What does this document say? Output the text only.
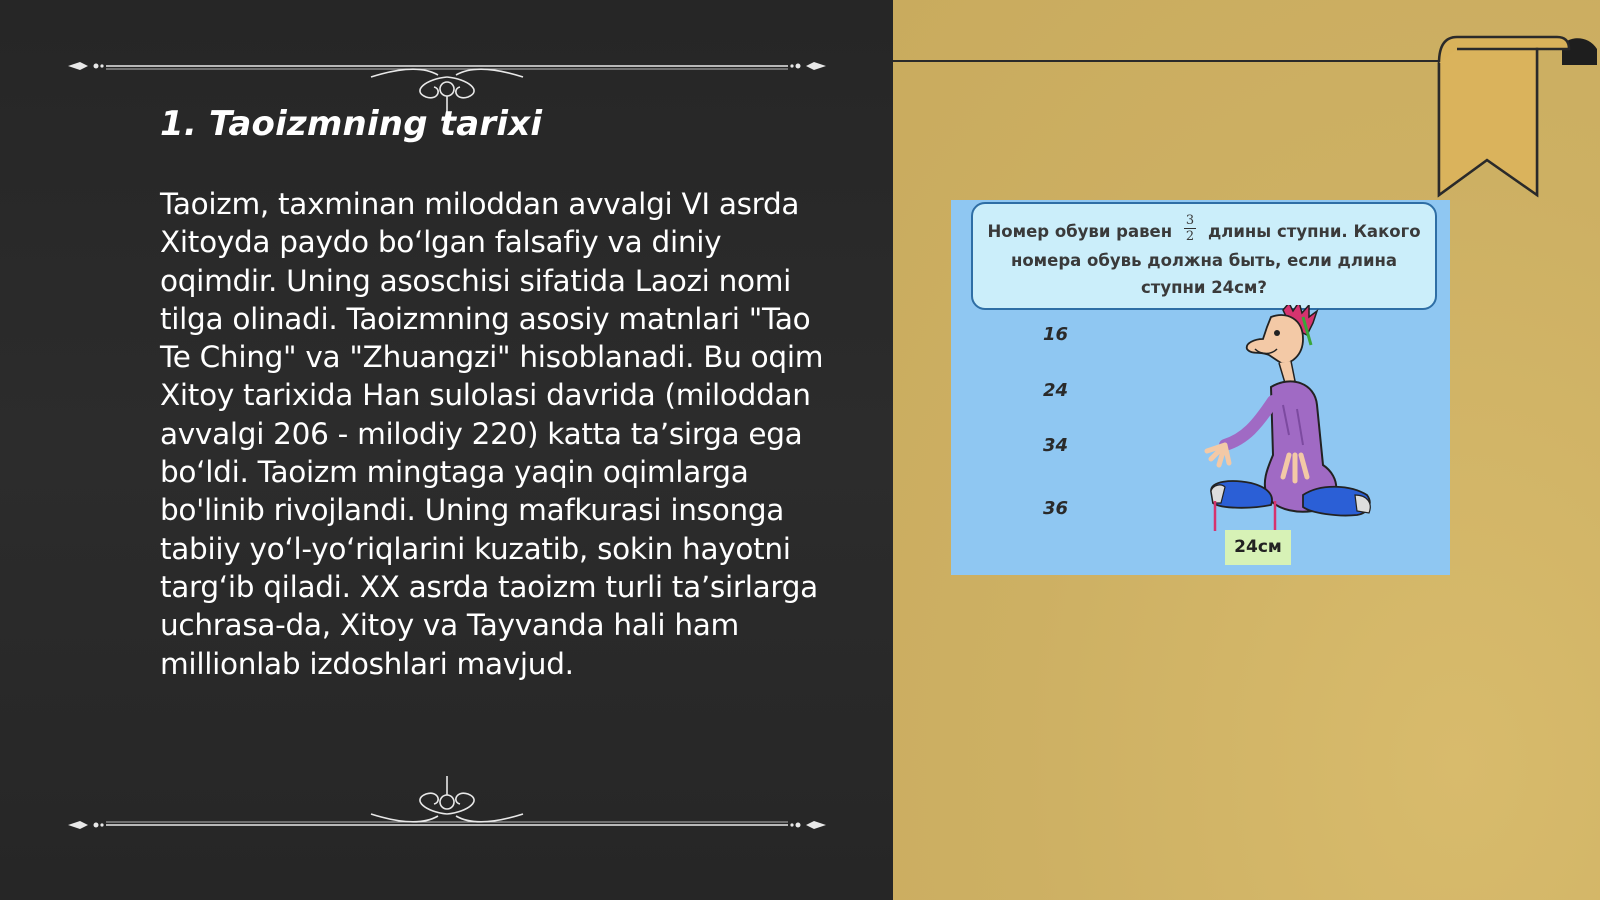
1. Taoizmning tarixi

Taoizm, taxminan miloddan avvalgi VI asrda Xitoyda paydo bo‘lgan falsafiy va diniy oqimdir. Uning asoschisi sifatida Laozi nomi tilga olinadi. Taoizmning asosiy matnlari "Tao Te Ching" va "Zhuangzi" hisoblanadi. Bu oqim Xitoy tarixida Han sulolasi davrida (miloddan avvalgi 206 - milodiy 220) katta ta’sirga ega bo‘ldi. Taoizm mingtaga yaqin oqimlarga bo'linib rivojlandi. Uning mafkurasi insonga tabiiy yo‘l-yo‘riqlarini kuzatib, sokin hayotni targ‘ib qiladi. XX asrda taoizm turli ta’sirlarga uchrasa-da, Xitoy va Tayvanda hali ham millionlab izdoshlari mavjud.

Номер обуви равен $\frac{3}{2}$ длины ступни. Какого
номера обувь должна быть, если длина
ступни 24см?
16
24
34
36
24см
